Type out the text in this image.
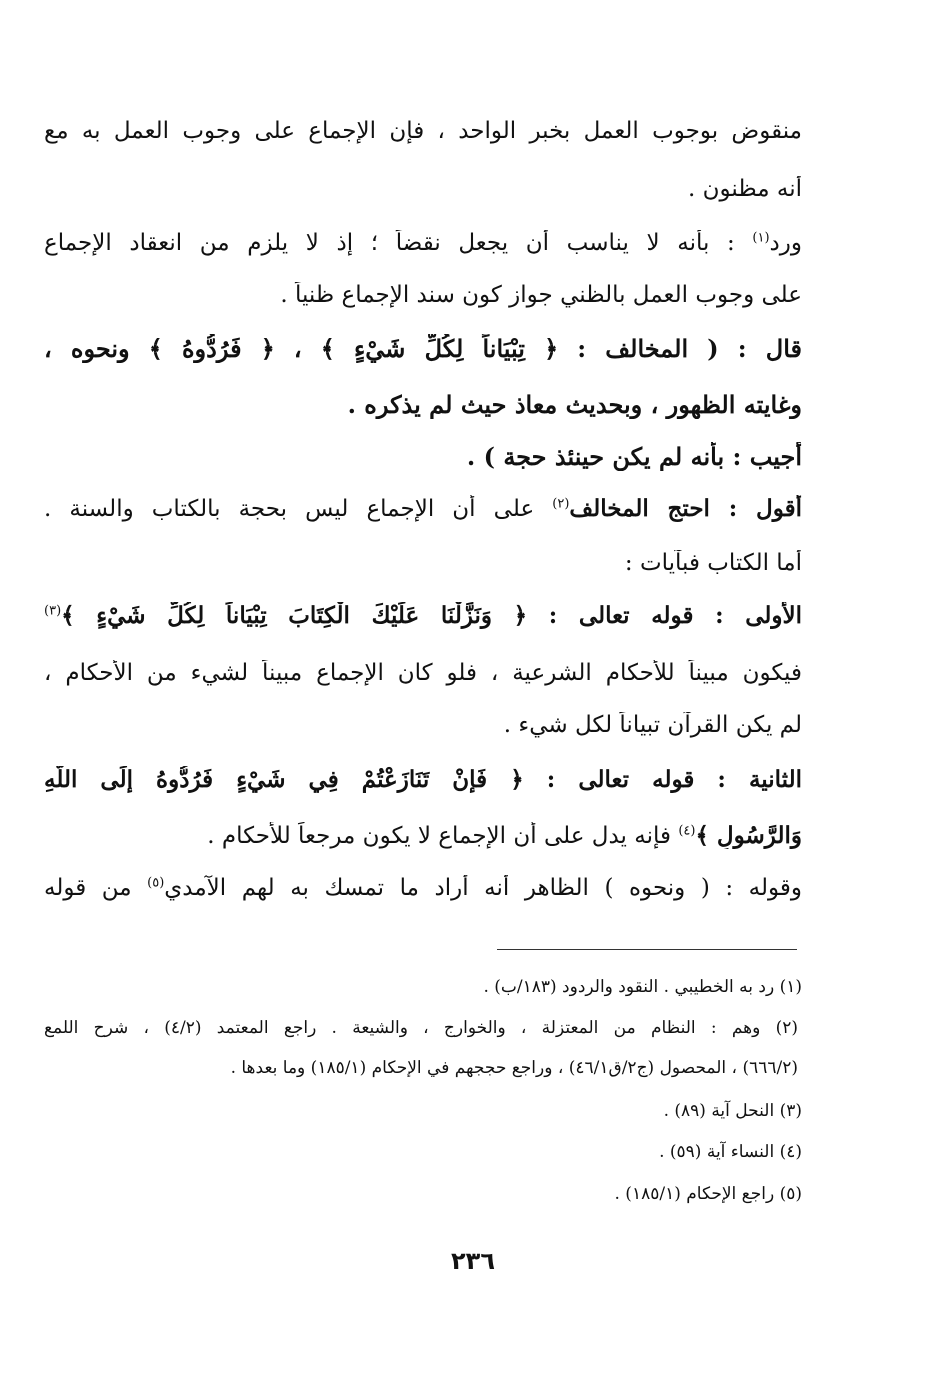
منقوض بوجوب العمل بخبر الواحد ، فإن الإجماع على وجوب العمل به مع
أنه مظنون .
ورد$^{(١)}$ : بأنه لا يناسب أن يجعل نقضاً ؛ إذ لا يلزم من انعقاد الإجماع
على وجوب العمل بالظني جواز كون سند الإجماع ظنياً .
قال : ( المخالف : ﴿ تِبْيَاناً لِكُلِّ شَيْءٍ ﴾ ، ﴿ فَرُدُّوهُ ﴾ ونحوه ،
وغايته الظهور ، وبحديث معاذ حيث لم يذكره .
أجيب : بأنه لم يكن حينئذ حجة ) .
أقول : احتج المخالف$^{(٢)}$ على أن الإجماع ليس بحجة بالكتاب والسنة .
أما الكتاب فبآيات :
الأولى : قوله تعالى : ﴿ وَنَزَّلْنَا عَلَيْكَ الْكِتَابَ تِبْيَاناً لِكُلِّ شَيْءٍ ﴾$^{(٣)}$
فيكون مبيناً للأحكام الشرعية ، فلو كان الإجماع مبيناً لشيء من الأحكام ،
لم يكن القرآن تبياناً لكل شيء .
الثانية : قوله تعالى : ﴿ فَإِنْ تَنَازَعْتُمْ فِي شَيْءٍ فَرُدُّوهُ إِلَى اللَّهِ
وَالرَّسُولِ ﴾$^{(٤)}$ فإنه يدل على أن الإجماع لا يكون مرجعاً للأحكام .
وقوله : ( ونحوه ) الظاهر أنه أراد ما تمسك به لهم الآمدي$^{(٥)}$ من قوله
(١) رد به الخطيبي . النقود والردود (١٨٣/ب) .
(٢) وهم : النظام من المعتزلة ، والخوارج ، والشيعة . راجع المعتمد (٤/٢) ، شرح اللمع
(٦٦٦/٢) ، المحصول (ج٢/ق٤٦/١) ، وراجع حججهم في الإحكام (١٨٥/١) وما بعدها .
(٣) النحل آية (٨٩) .
(٤) النساء آية (٥٩) .
(٥) راجع الإحكام (١٨٥/١) .
٢٣٦
